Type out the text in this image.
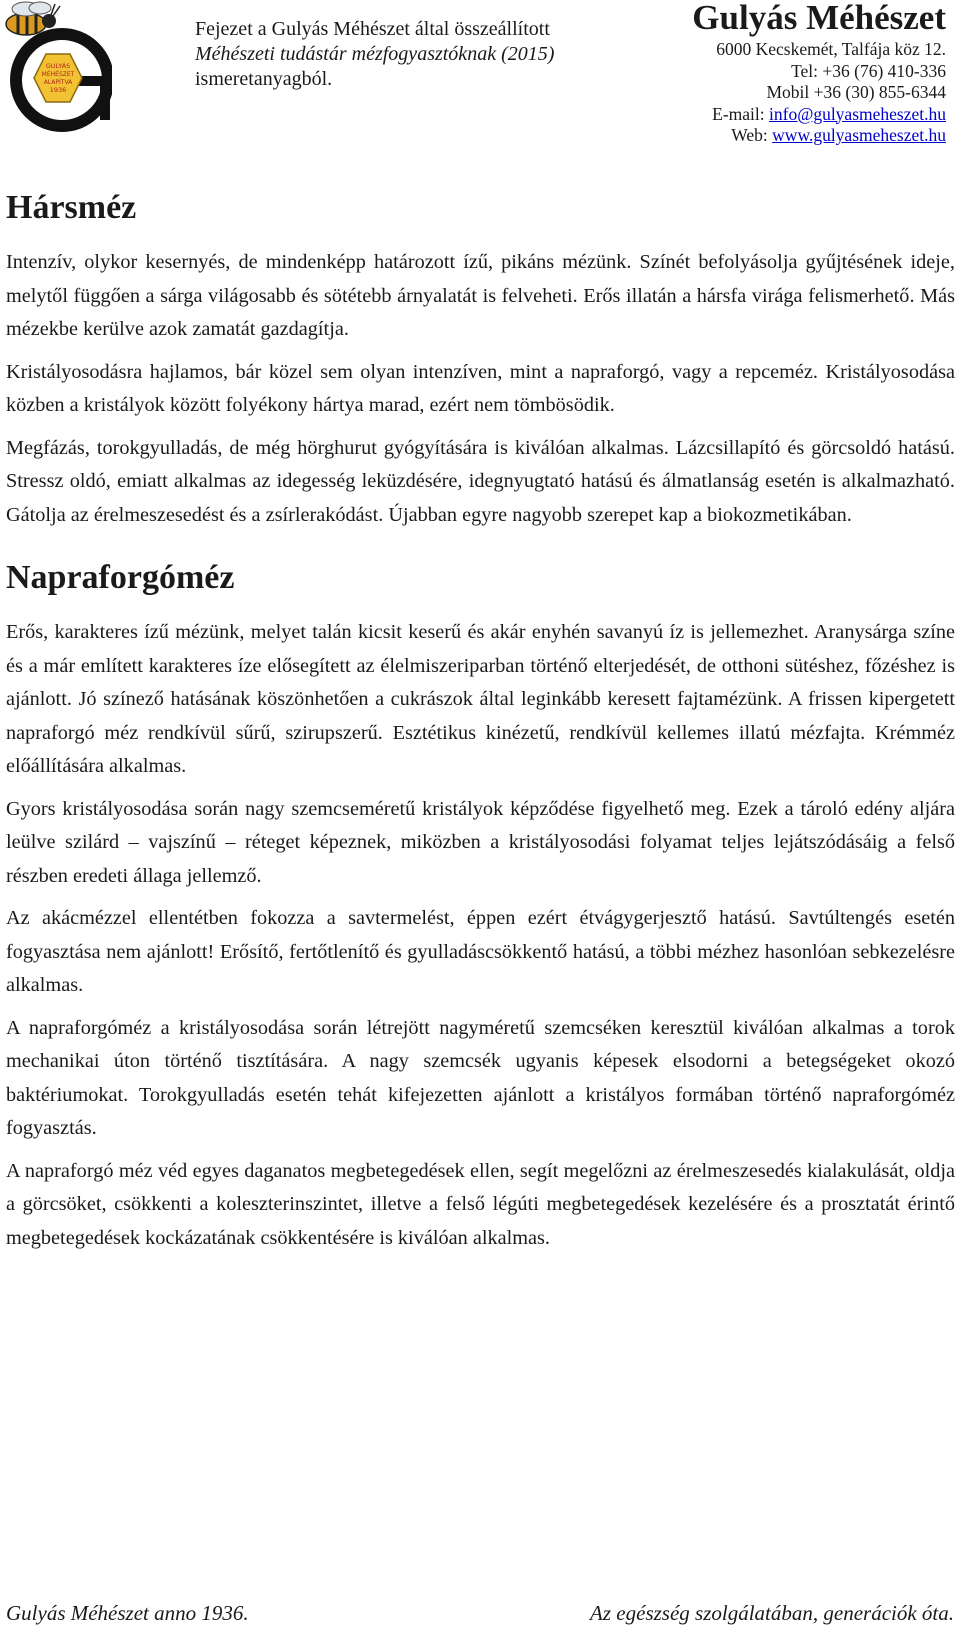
GULYÁS
MÉHÉSZET
ALAPÍTVA
1936
Fejezet a Gulyás Méhészet által összeállított
Méhészeti tudástár mézfogyasztóknak (2015)
ismeretanyagból.
Gulyás Méhészet
6000 Kecskemét, Talfája köz 12.
Tel: +36 (76) 410-336
Mobil +36 (30) 855-6344
E-mail: info@gulyasmeheszet.hu
Web: www.gulyasmeheszet.hu
Hársméz

Intenzív, olykor kesernyés, de mindenképp határozott ízű, pikáns mézünk. Színét befolyásolja gyűjtésének ideje, melytől függően a sárga világosabb és sötétebb árnyalatát is felveheti. Erős illatán a hársfa virága felismerhető. Más mézekbe kerülve azok zamatát gazdagítja.

Kristályosodásra hajlamos, bár közel sem olyan intenzíven, mint a napraforgó, vagy a repceméz. Kristályosodása közben a kristályok között folyékony hártya marad, ezért nem tömbösödik.

Megfázás, torokgyulladás, de még hörghurut gyógyítására is kiválóan alkalmas. Lázcsillapító és görcsoldó hatású. Stressz oldó, emiatt alkalmas az idegesség leküzdésére, idegnyugtató hatású és álmatlanság esetén is alkalmazható. Gátolja az érelmeszesedést és a zsírlerakódást. Újabban egyre nagyobb szerepet kap a biokozmetikában.

Napraforgóméz

Erős, karakteres ízű mézünk, melyet talán kicsit keserű és akár enyhén savanyú íz is jellemezhet. Aranysárga színe és a már említett karakteres íze elősegített az élelmiszeriparban történő elterjedését, de otthoni sütéshez, főzéshez is ajánlott. Jó színező hatásának köszönhetően a cukrászok által leginkább keresett fajtamézünk. A frissen kipergetett napraforgó méz rendkívül sűrű, szirupszerű. Esztétikus kinézetű, rendkívül kellemes illatú mézfajta. Krémméz előállítására alkalmas.

Gyors kristályosodása során nagy szemcseméretű kristályok képződése figyelhető meg. Ezek a tároló edény aljára leülve szilárd – vajszínű – réteget képeznek, miközben a kristályosodási folyamat teljes lejátszódásáig a felső részben eredeti állaga jellemző.

Az akácmézzel ellentétben fokozza a savtermelést, éppen ezért étvágygerjesztő hatású. Savtúltengés esetén fogyasztása nem ajánlott! Erősítő, fertőtlenítő és gyulladáscsökkentő hatású, a többi mézhez hasonlóan sebkezelésre alkalmas.

A napraforgóméz a kristályosodása során létrejött nagyméretű szemcséken keresztül kiválóan alkalmas a torok mechanikai úton történő tisztítására. A nagy szemcsék ugyanis képesek elsodorni a betegségeket okozó baktériumokat. Torokgyulladás esetén tehát kifejezetten ajánlott a kristályos formában történő napraforgóméz fogyasztás.

A napraforgó méz véd egyes daganatos megbetegedések ellen, segít megelőzni az érelmeszesedés kialakulását, oldja a görcsöket, csökkenti a koleszterinszintet, illetve a felső légúti megbetegedések kezelésére és a prosztatát érintő megbetegedések kockázatának csökkentésére is kiválóan alkalmas.

Gulyás Méhészet anno 1936.	Az egészség szolgálatában, generációk óta.
